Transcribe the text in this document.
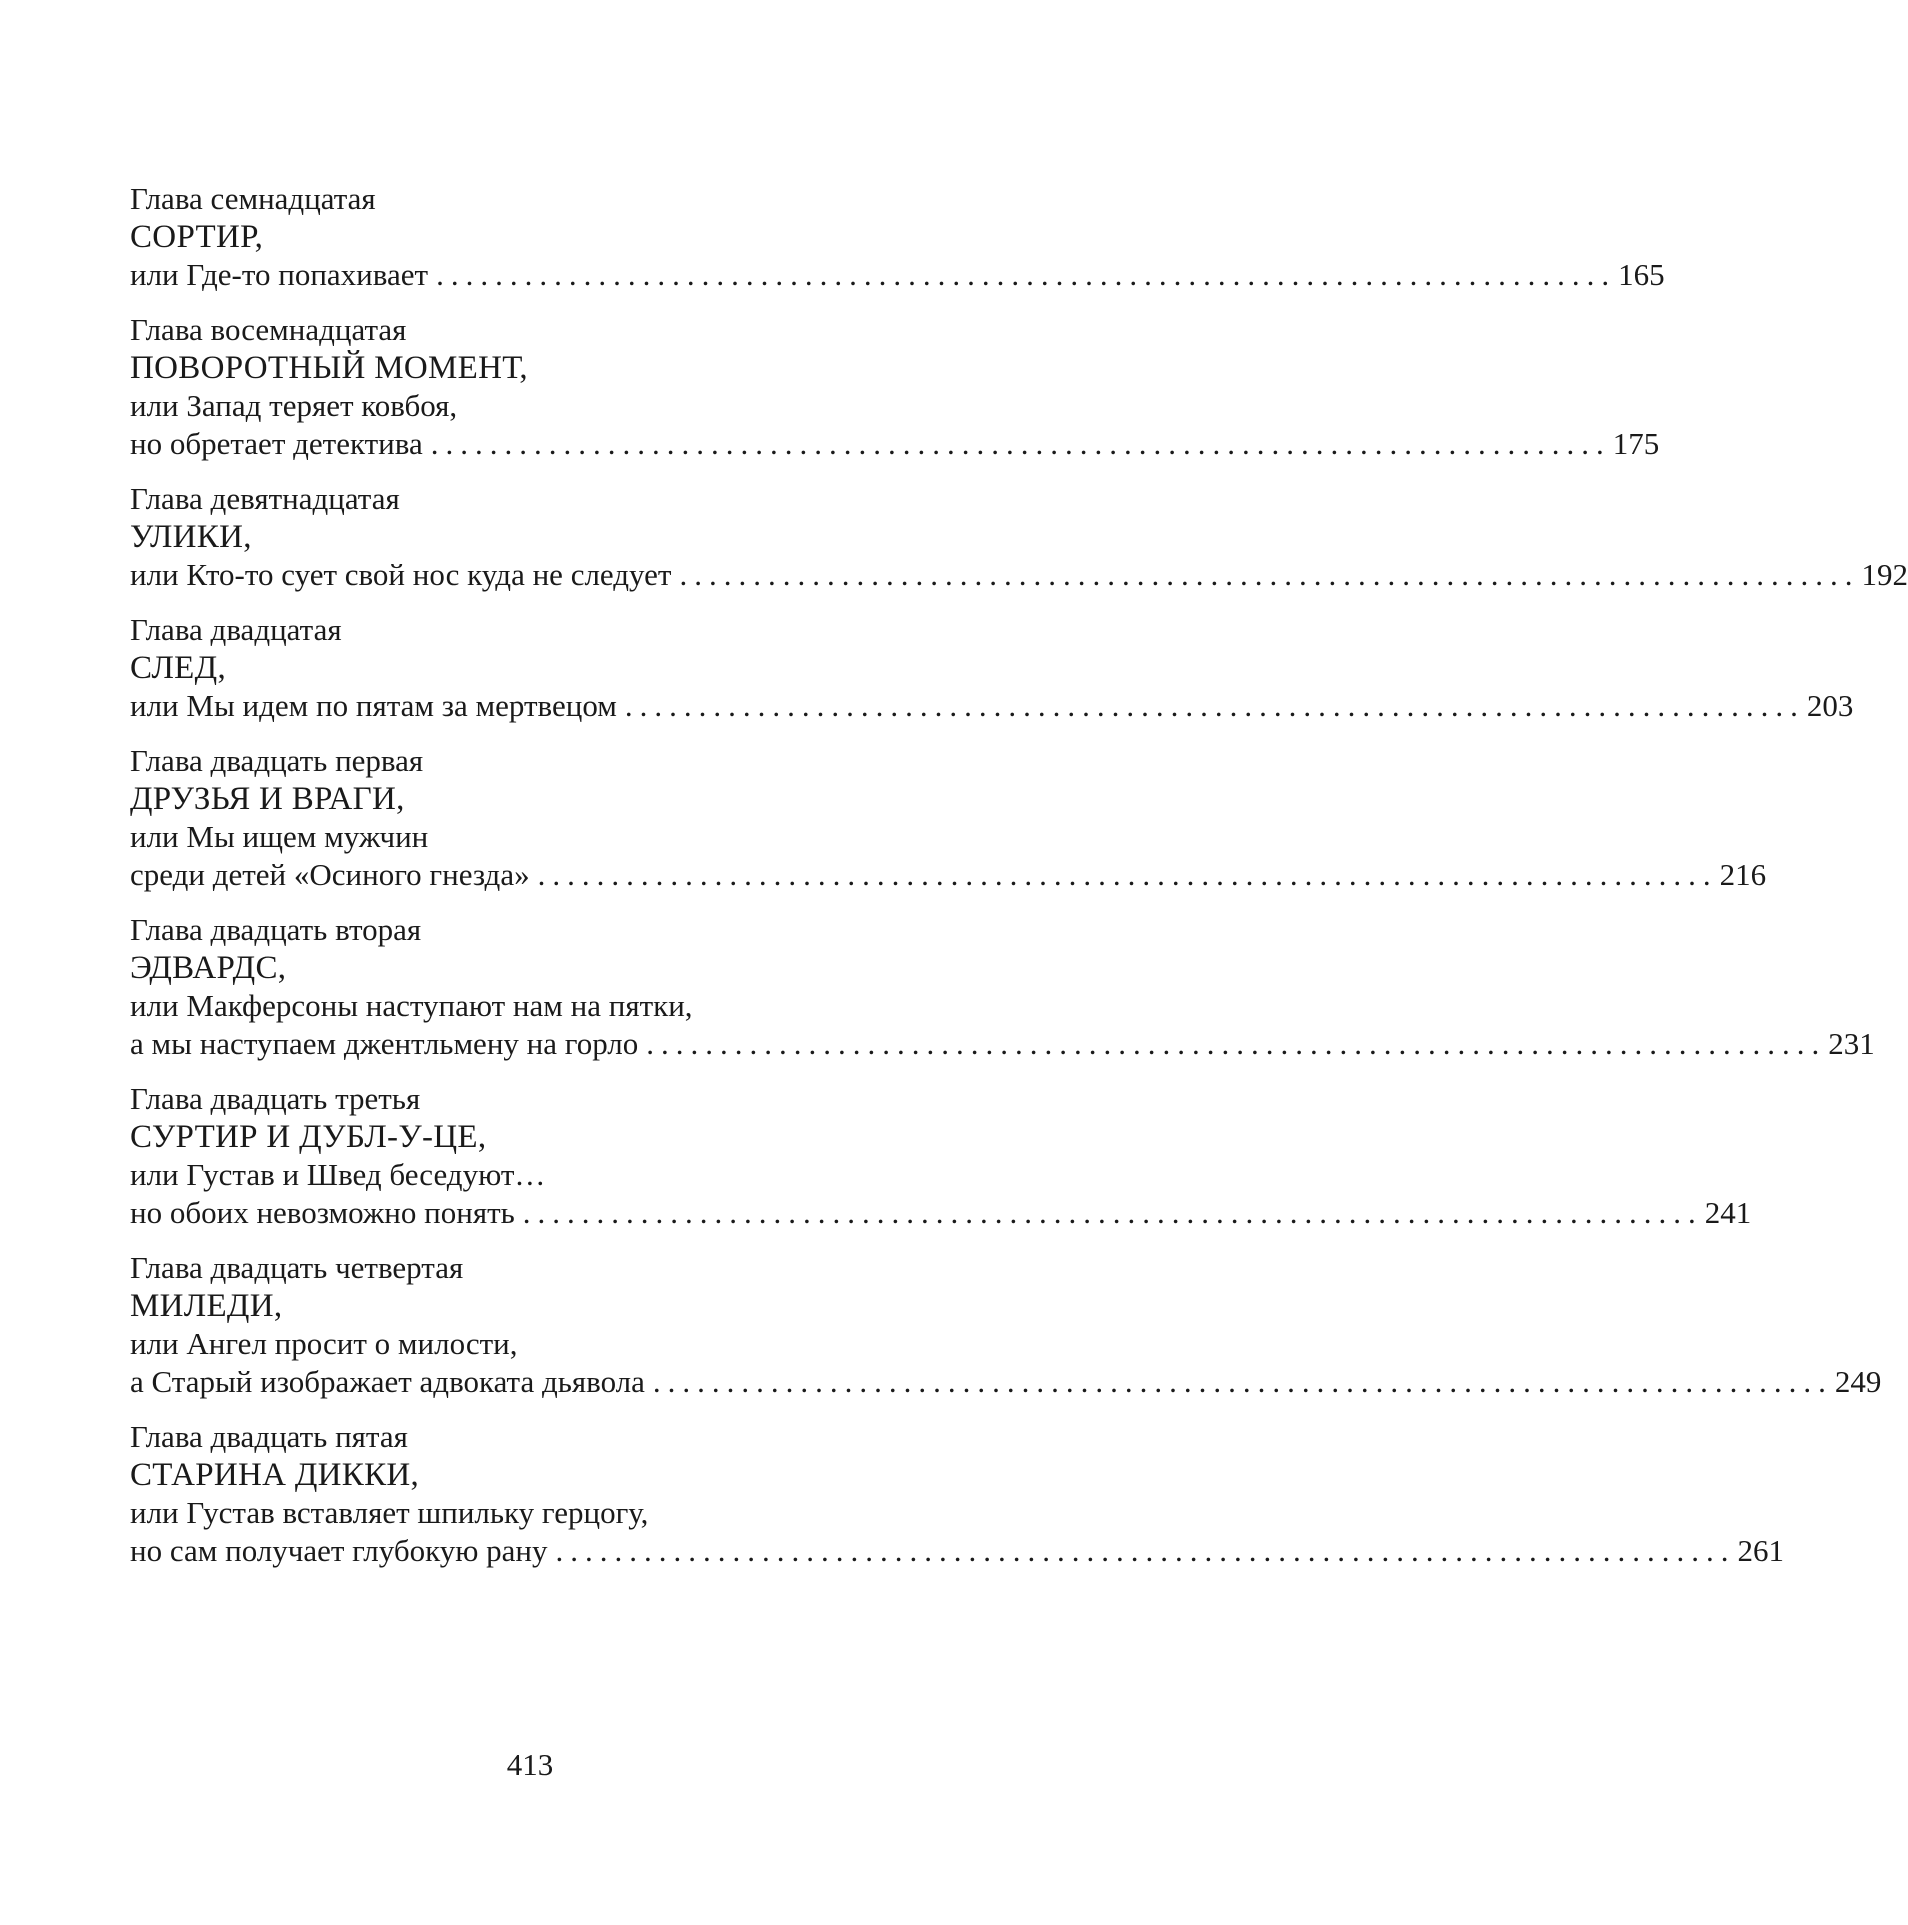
Глава семнадцатая
СОРТИР,
или Где-то попахивает ................................................................................ 165
Глава восемнадцатая
ПОВОРОТНЫЙ МОМЕНТ,
или Запад теряет ковбоя,
но обретает детектива ................................................................................ 175
Глава девятнадцатая
УЛИКИ,
или Кто-то сует свой нос куда не следует ................................................................................ 192
Глава двадцатая
СЛЕД,
или Мы идем по пятам за мертвецом ................................................................................ 203
Глава двадцать первая
ДРУЗЬЯ И ВРАГИ,
или Мы ищем мужчин
среди детей «Осиного гнезда» ................................................................................ 216
Глава двадцать вторая
ЭДВАРДС,
или Макферсоны наступают нам на пятки,
а мы наступаем джентльмену на горло ................................................................................ 231
Глава двадцать третья
СУРТИР И ДУБЛ-У-ЦЕ,
или Густав и Швед беседуют…
но обоих невозможно понять ................................................................................ 241
Глава двадцать четвертая
МИЛЕДИ,
или Ангел просит о милости,
а Старый изображает адвоката дьявола ................................................................................ 249
Глава двадцать пятая
СТАРИНА ДИККИ,
или Густав вставляет шпильку герцогу,
но сам получает глубокую рану ................................................................................ 261
413
